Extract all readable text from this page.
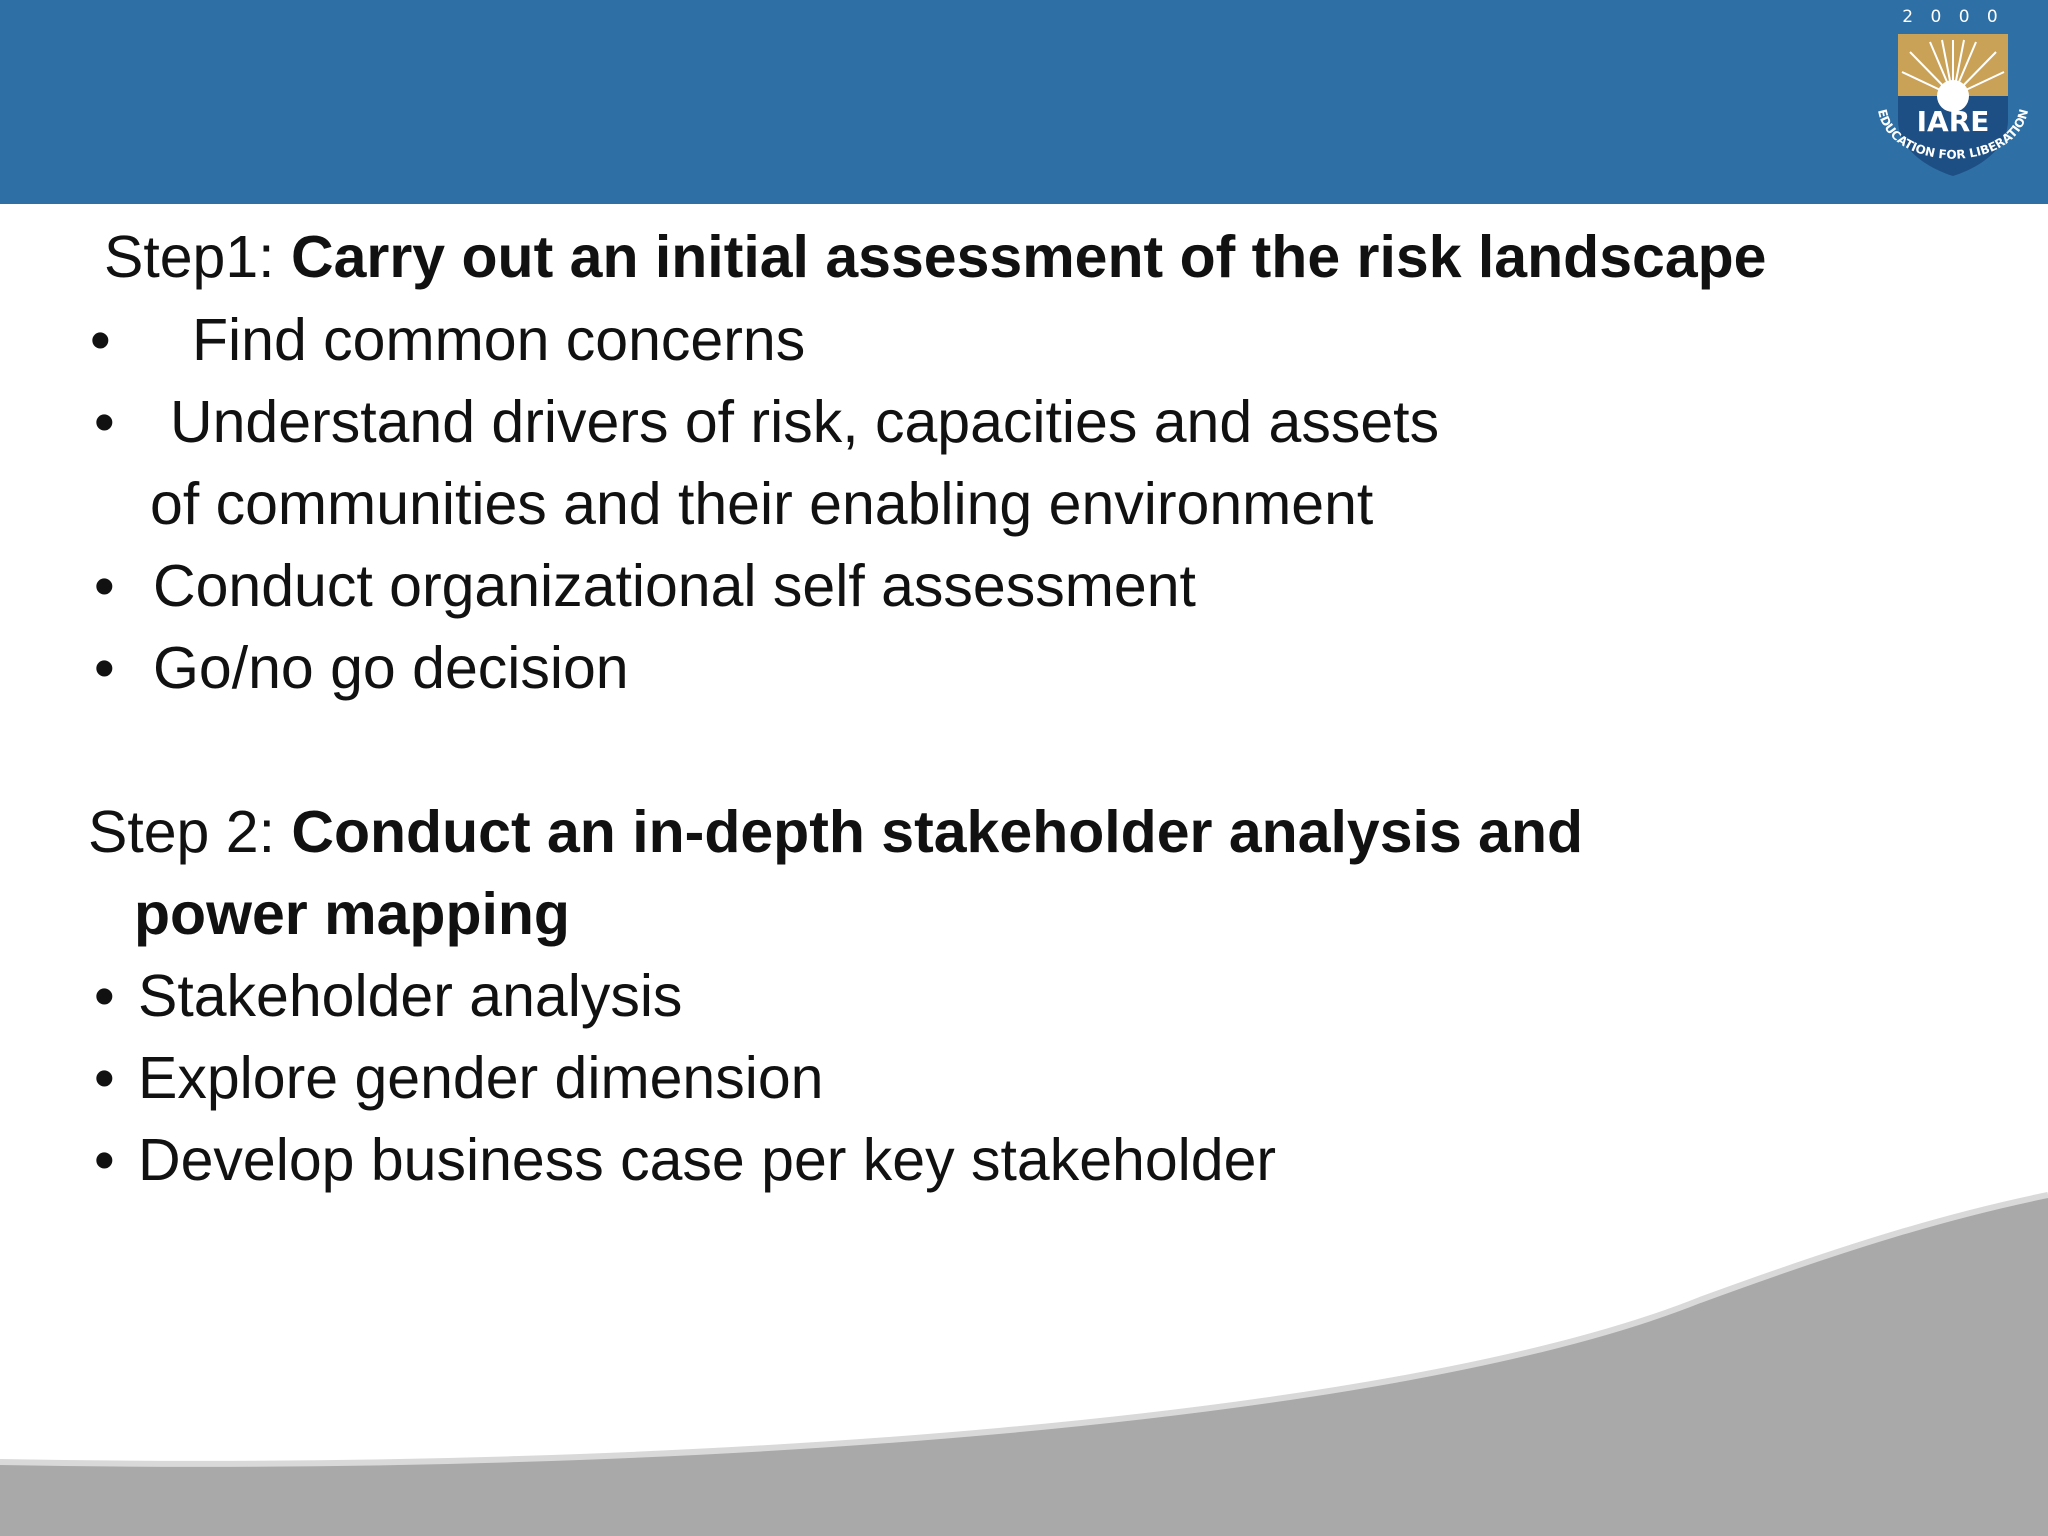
2 0 0 0
IARE
EDUCATION FOR LIBERATION
Step1: Carry out an initial assessment of the risk landscape
• Find common concerns
• Understand drivers of risk, capacities and assets
of communities and their enabling environment
• Conduct organizational self assessment
• Go/no go decision
Step 2: Conduct an in-depth stakeholder analysis and
power mapping
• Stakeholder analysis
• Explore gender dimension
• Develop business case per key stakeholder
